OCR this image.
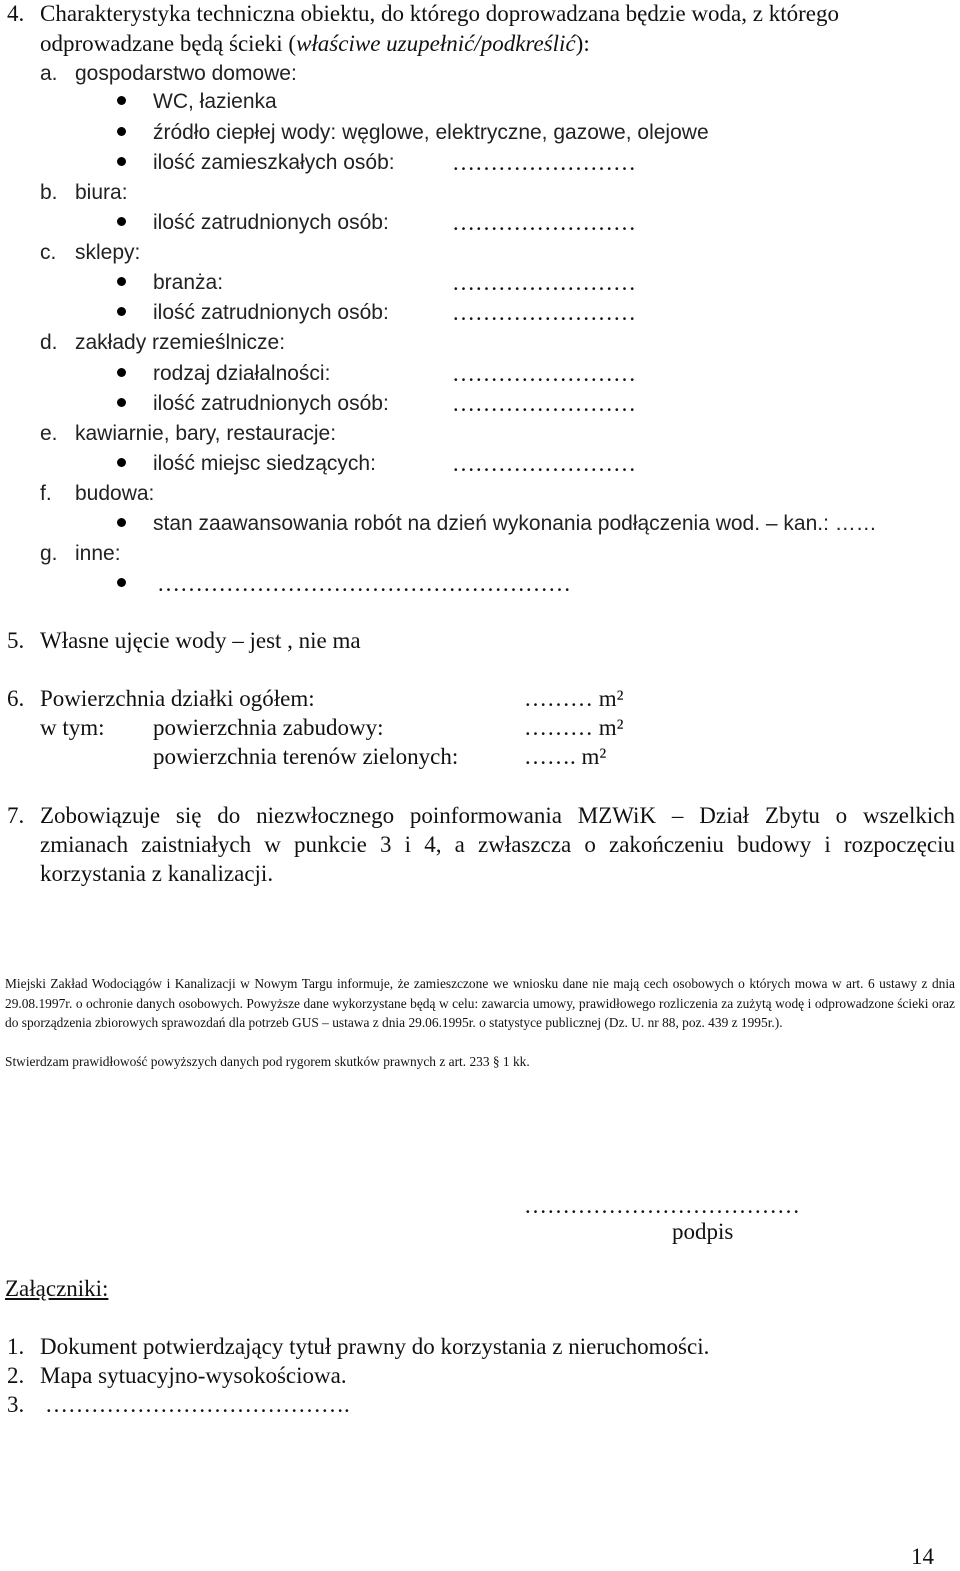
4. Charakterystyka techniczna obiektu, do którego doprowadzana będzie woda, z którego
odprowadzane będą ścieki (właściwe uzupełnić/podkreślić):
a. gospodarstwo domowe:
WC, łazienka
źródło ciepłej wody: węglowe, elektryczne, gazowe, olejowe
ilość zamieszkałych osób: ……………………
b. biura:
ilość zatrudnionych osób:	……………………
c. sklepy:
branża:	……………………
ilość zatrudnionych osób:	……………………
d. zakłady rzemieślnicze:
rodzaj działalności:	……………………
ilość zatrudnionych osób:	……………………
e. kawiarnie, bary, restauracje:
ilość miejsc siedzących:	……………………
f. budowa:
stan zaawansowania robót na dzień wykonania podłączenia wod. – kan.: ……
g. inne:
………………………………………………
5. Własne ujęcie wody – jest , nie ma
6. Powierzchnia działki ogółem:	……… m²
w tym: powierzchnia zabudowy:	……… m²
powierzchnia terenów zielonych:	……. m²
7. Zobowiązuje się do niezwłocznego poinformowania MZWiK – Dział Zbytu o wszelkich
zmianach zaistniałych w punkcie 3 i 4, a zwłaszcza o zakończeniu budowy i rozpoczęciu
korzystania z kanalizacji.
Miejski Zakład Wodociągów i Kanalizacji w Nowym Targu informuje, że zamieszczone we wniosku dane nie mają cech osobowych o których mowa w art. 6 ustawy z dnia 29.08.1997r. o ochronie danych osobowych. Powyższe dane wykorzystane będą w celu: zawarcia umowy, prawidłowego rozliczenia za zużytą wodę i odprowadzone ścieki oraz do sporządzenia zbiorowych sprawozdań dla potrzeb GUS – ustawa z dnia 29.06.1995r. o statystyce publicznej (Dz. U. nr 88, poz. 439 z 1995r.).
Stwierdzam prawidłowość powyższych danych pod rygorem skutków prawnych z art. 233 § 1 kk.
………………………………
podpis
Załączniki:
1. Dokument potwierdzający tytuł prawny do korzystania z nieruchomości.
2. Mapa sytuacyjno-wysokościowa.
3. ………………………………….
14
